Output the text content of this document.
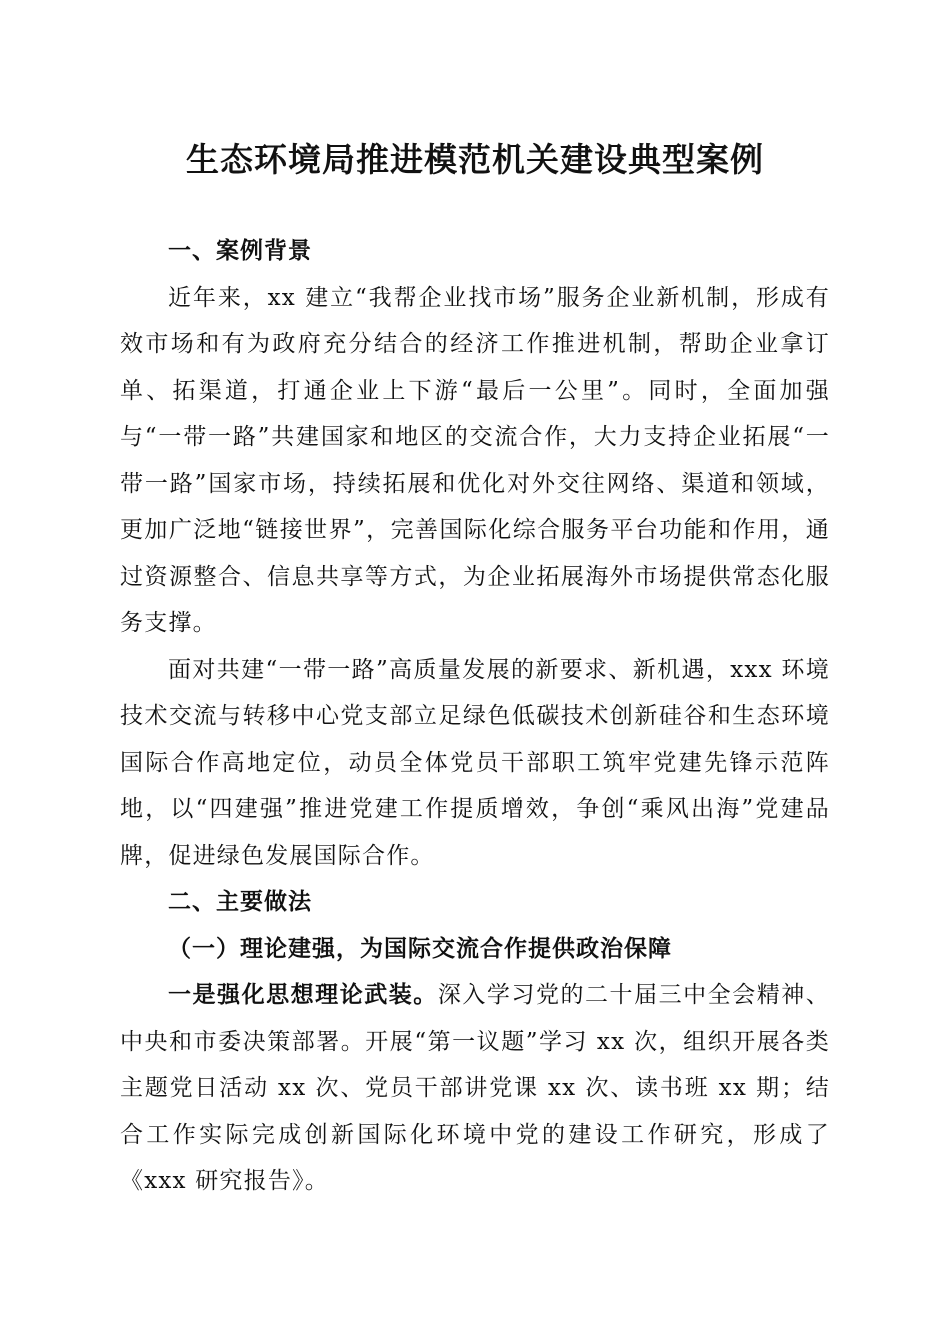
生态环境局推进模范机关建设典型案例

一、案例背景

近年来，xx 建立“我帮企业找市场”服务企业新机制，形成有效市场和有为政府充分结合的经济工作推进机制，帮助企业拿订单、拓渠道，打通企业上下游“最后一公里”。同时，全面加强与“一带一路”共建国家和地区的交流合作，大力支持企业拓展“一带一路”国家市场，持续拓展和优化对外交往网络、渠道和领域，更加广泛地“链接世界”，完善国际化综合服务平台功能和作用，通过资源整合、信息共享等方式，为企业拓展海外市场提供常态化服务支撑。

面对共建“一带一路”高质量发展的新要求、新机遇，xxx 环境技术交流与转移中心党支部立足绿色低碳技术创新硅谷和生态环境国际合作高地定位，动员全体党员干部职工筑牢党建先锋示范阵地，以“四建强”推进党建工作提质增效，争创“乘风出海”党建品牌，促进绿色发展国际合作。

二、主要做法

（一）理论建强，为国际交流合作提供政治保障

一是强化思想理论武装。深入学习党的二十届三中全会精神、中央和市委决策部署。开展“第一议题”学习 xx 次，组织开展各类主题党日活动 xx 次、党员干部讲党课 xx 次、读书班 xx 期；结合工作实际完成创新国际化环境中党的建设工作研究，形成了《xxx 研究报告》。
